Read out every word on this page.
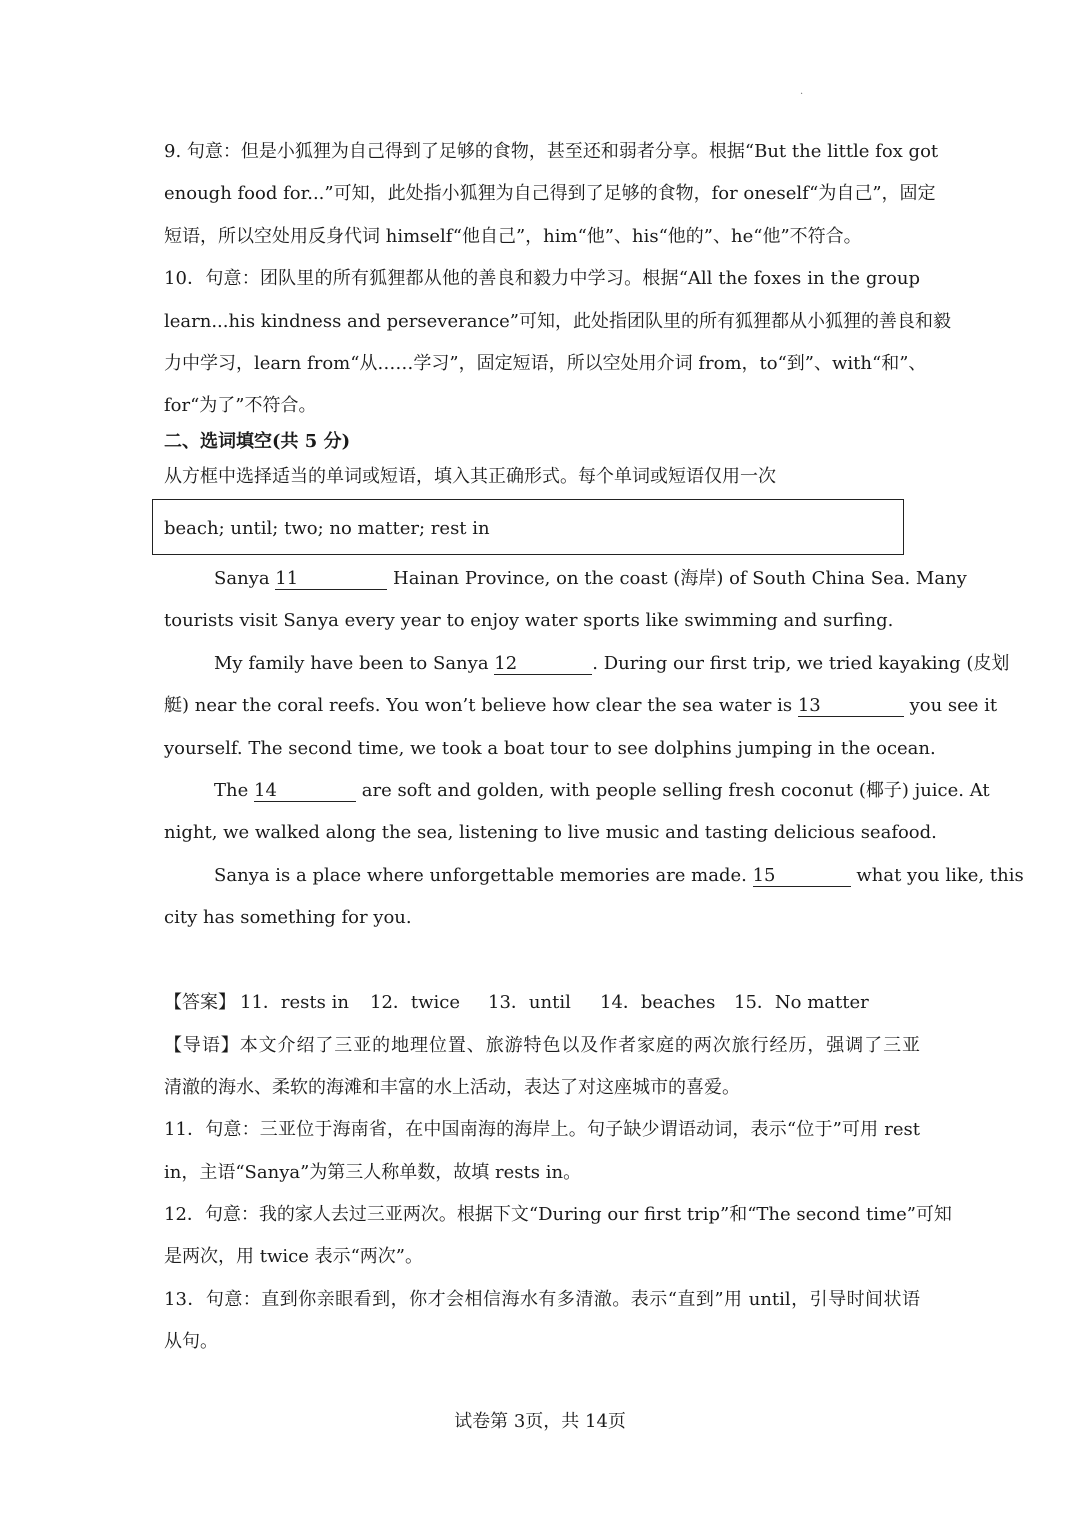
.
9. 句意：但是小狐狸为自己得到了足够的食物，甚至还和弱者分享。根据“But the little fox got
enough food for...”可知，此处指小狐狸为自己得到了足够的食物，for oneself“为自己”，固定
短语，所以空处用反身代词 himself“他自己”，him“他”、his“他的”、he“他”不符合。
10．句意：团队里的所有狐狸都从他的善良和毅力中学习。根据“All the foxes in the group
learn...his kindness and perseverance”可知，此处指团队里的所有狐狸都从小狐狸的善良和毅
力中学习，learn from“从……学习”，固定短语，所以空处用介词 from，to“到”、with“和”、
for“为了”不符合。
二、选词填空(共 5 分)
从方框中选择适当的单词或短语，填入其正确形式。每个单词或短语仅用一次
beach; until; two; no matter; rest in
Sanya 11	Hainan Province, on the coast (海岸) of South China Sea. Many
tourists visit Sanya every year to enjoy water sports like swimming and surfing.
My family have been to Sanya 12	. During our first trip, we tried kayaking (皮划
艇) near the coral reefs. You won’t believe how clear the sea water is 13	you see it
yourself. The second time, we took a boat tour to see dolphins jumping in the ocean.
The 14	are soft and golden, with people selling fresh coconut (椰子) juice. At
night, we walked along the sea, listening to live music and tasting delicious seafood.
Sanya is a place where unforgettable memories are made. 15	what you like, this
city has something for you.
【答案】 11．rests in 12．twice 13．until 14．beaches 15．No matter
【导语】本文介绍了三亚的地理位置、旅游特色以及作者家庭的两次旅行经历，强调了三亚
清澈的海水、柔软的海滩和丰富的水上活动，表达了对这座城市的喜爱。
11．句意：三亚位于海南省，在中国南海的海岸上。句子缺少谓语动词，表示“位于”可用 rest
in，主语“Sanya”为第三人称单数，故填 rests in。
12．句意：我的家人去过三亚两次。根据下文“During our first trip”和“The second time”可知
是两次，用 twice 表示“两次”。
13．句意：直到你亲眼看到，你才会相信海水有多清澈。表示“直到”用 until，引导时间状语
从句。
试卷第 3页，共 14页
